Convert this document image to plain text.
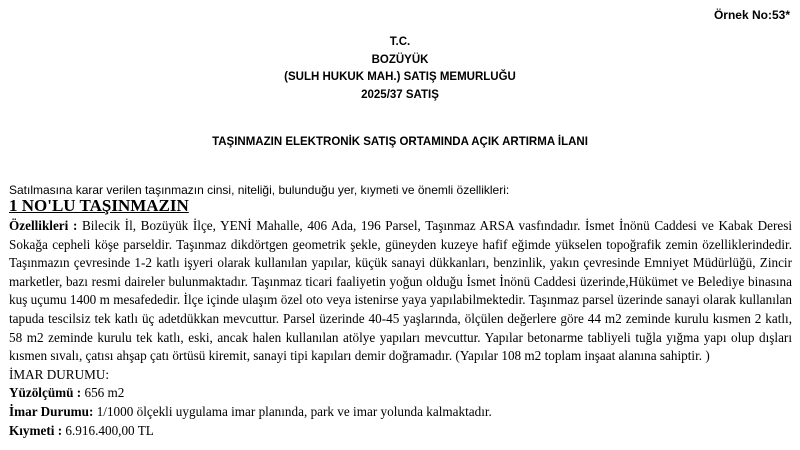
Örnek No:53*
T.C.
BOZÜYÜK
(SULH HUKUK MAH.) SATIŞ MEMURLUĞU
2025/37 SATIŞ
TAŞINMAZIN ELEKTRONİK SATIŞ ORTAMINDA AÇIK ARTIRMA İLANI
Satılmasına karar verilen taşınmazın cinsi, niteliği, bulunduğu yer, kıymeti ve önemli özellikleri:
1 NO'LU TAŞINMAZIN

Özellikleri : Bilecik İl, Bozüyük İlçe, YENİ Mahalle, 406 Ada, 196 Parsel, Taşınmaz ARSA vasfındadır. İsmet İnönü Caddesi ve Kabak Deresi Sokağa cepheli köşe parseldir. Taşınmaz dikdörtgen geometrik şekle, güneyden kuzeye hafif eğimde yükselen topoğrafik zemin özelliklerindedir. Taşınmazın çevresinde 1-2 katlı işyeri olarak kullanılan yapılar, küçük sanayi dükkanları, benzinlik, yakın çevresinde Emniyet Müdürlüğü, Zincir marketler, bazı resmi daireler bulunmaktadır. Taşınmaz ticari faaliyetin yoğun olduğu İsmet İnönü Caddesi üzerinde,Hükümet ve Belediye binasına kuş uçumu 1400 m mesafededir. İlçe içinde ulaşım özel oto veya istenirse yaya yapılabilmektedir. Taşınmaz parsel üzerinde sanayi olarak kullanılan tapuda tescilsiz tek katlı üç adetdükkan mevcuttur. Parsel üzerinde 40-45 yaşlarında, ölçülen değerlere göre 44 m2 zeminde kurulu kısmen 2 katlı, 58 m2 zeminde kurulu tek katlı, eski, ancak halen kullanılan atölye yapıları mevcuttur. Yapılar betonarme tabliyeli tuğla yığma yapı olup dışları kısmen sıvalı, çatısı ahşap çatı örtüsü kiremit, sanayi tipi kapıları demir doğramadır. (Yapılar 108 m2 toplam inşaat alanına sahiptir. )

İMAR DURUMU:

Yüzölçümü : 656 m2

İmar Durumu: 1/1000 ölçekli uygulama imar planında, park ve imar yolunda kalmaktadır.

Kıymeti : 6.916.400,00 TL
